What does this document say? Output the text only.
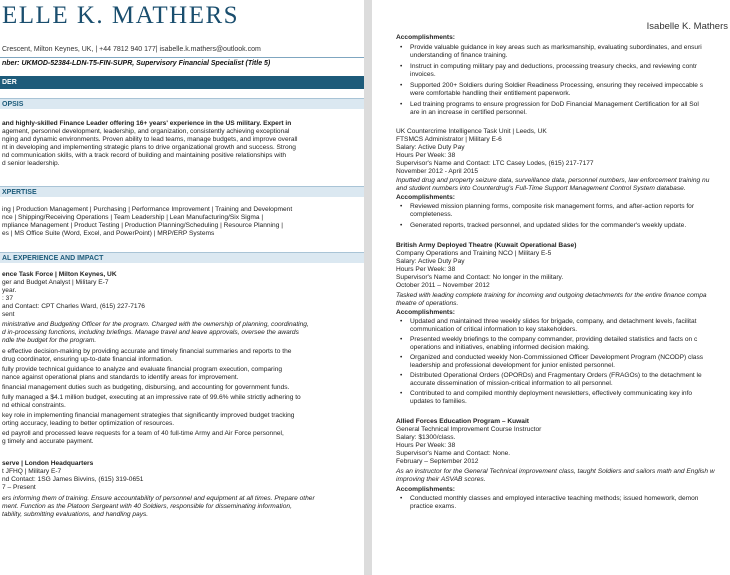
ELLE K. MATHERS
Crescent, Milton Keynes, UK, | +44 7812 940 177| isabelle.k.mathers@outlook.com
nber: UKMOD-52384-LDN-T5-FIN-SUPR, Supervisory Financial Specialist (Title 5)
DER
OPSIS
and highly-skilled Finance Leader offering 16+ years' experience in the US military. Expert in
agement, personnel development, leadership, and organization, consistently achieving exceptional
nging and dynamic environments. Proven ability to lead teams, manage budgets, and improve overall
nt in developing and implementing strategic plans to drive organizational growth and success. Strong
nd communication skills, with a track record of building and maintaining positive relationships with
d senior leadership.
XPERTISE
ing | Production Management | Purchasing | Performance Improvement | Training and Development
nce | Shipping/Receiving Operations | Team Leadership | Lean Manufacturing/Six Sigma |
mpliance Management | Product Testing | Production Planning/Scheduling | Resource Planning |
es | MS Office Suite (Word, Excel, and PowerPoint) | MRP/ERP Systems
AL EXPERIENCE AND IMPACT
ence Task Force | Milton Keynes, UK
ger and Budget Analyst | Military E-7
year.
: 37
and Contact: CPT Charles Ward, (615) 227-7176
sent
ministrative and Budgeting Officer for the program. Charged with the ownership of planning, coordinating,
d in-processing functions, including briefings. Manage travel and leave approvals, oversee the awards
ndle the budget for the program.
e effective decision-making by providing accurate and timely financial summaries and reports to the
drug coordinator, ensuring up-to-date financial information.
fully provide technical guidance to analyze and evaluate financial program execution, comparing
nance against operational plans and standards to identify areas for improvement.
financial management duties such as budgeting, disbursing, and accounting for government funds.
fully managed a $4.1 million budget, executing at an impressive rate of 99.6% while strictly adhering to
nd ethical constraints.
key role in implementing financial management strategies that significantly improved budget tracking
orting accuracy, leading to better optimization of resources.
ed payroll and processed leave requests for a team of 40 full-time Army and Air Force personnel,
g timely and accurate payment.
serve | London Headquarters
t JFHQ | Military E-7
nd Contact: 1SG James Bivvins, (615) 319-0651
7 – Present
ers informing them of training. Ensure accountability of personnel and equipment at all times. Prepare other
ment. Function as the Platoon Sergeant with 40 Soldiers, responsible for disseminating information,
tability, submitting evaluations, and handling pays.
Isabelle K. Mathers
Accomplishments:
• Provide valuable guidance in key areas such as marksmanship, evaluating subordinates, and ensuri
understanding of finance training.
• Instruct in computing military pay and deductions, processing treasury checks, and reviewing contr
invoices.
• Supported 200+ Soldiers during Soldier Readiness Processing, ensuring they received impeccable s
were comfortable handling their entitlement paperwork.
• Led training programs to ensure progression for DoD Financial Management Certification for all Sol
are in an increase in certified personnel.
UK Countercrime Intelligence Task Unit | Leeds, UK
FTSMCS Administrator | Military E-6
Salary: Active Duty Pay
Hours Per Week: 38
Supervisor's Name and Contact: LTC Casey Lodes, (615) 217-7177
November 2012 - April 2015
Inputted drug and property seizure data, surveillance data, personnel numbers, law enforcement training nu
and student numbers into Counterdrug's Full-Time Support Management Control System database.
Accomplishments:
• Reviewed mission planning forms, composite risk management forms, and after-action reports for
completeness.
• Generated reports, tracked personnel, and updated slides for the commander's weekly update.
British Army Deployed Theatre (Kuwait Operational Base)
Company Operations and Training NCO | Military E-5
Salary: Active Duty Pay
Hours Per Week: 38
Supervisor's Name and Contact: No longer in the military.
October 2011 – November 2012
Tasked with leading complete training for incoming and outgoing detachments for the entire finance compa
theatre of operations.
Accomplishments:
• Updated and maintained three weekly slides for brigade, company, and detachment levels, facilitat
communication of critical information to key stakeholders.
• Presented weekly briefings to the company commander, providing detailed statistics and facts on c
operations and initiatives, enabling informed decision making.
• Organized and conducted weekly Non-Commissioned Officer Development Program (NCODP) class
leadership and professional development for junior enlisted personnel.
• Distributed Operational Orders (OPORDs) and Fragmentary Orders (FRAGOs) to the detachment le
accurate dissemination of mission-critical information to all personnel.
• Contributed to and compiled monthly deployment newsletters, effectively communicating key info
updates to families.
Allied Forces Education Program – Kuwait
General Technical Improvement Course Instructor
Salary: $1300/class.
Hours Per Week: 38
Supervisor's Name and Contact: None.
February – September 2012
As an instructor for the General Technical improvement class, taught Soldiers and sailors math and English w
improving their ASVAB scores.
Accomplishments:
• Conducted monthly classes and employed interactive teaching methods; issued homework, demon
practice exams.
